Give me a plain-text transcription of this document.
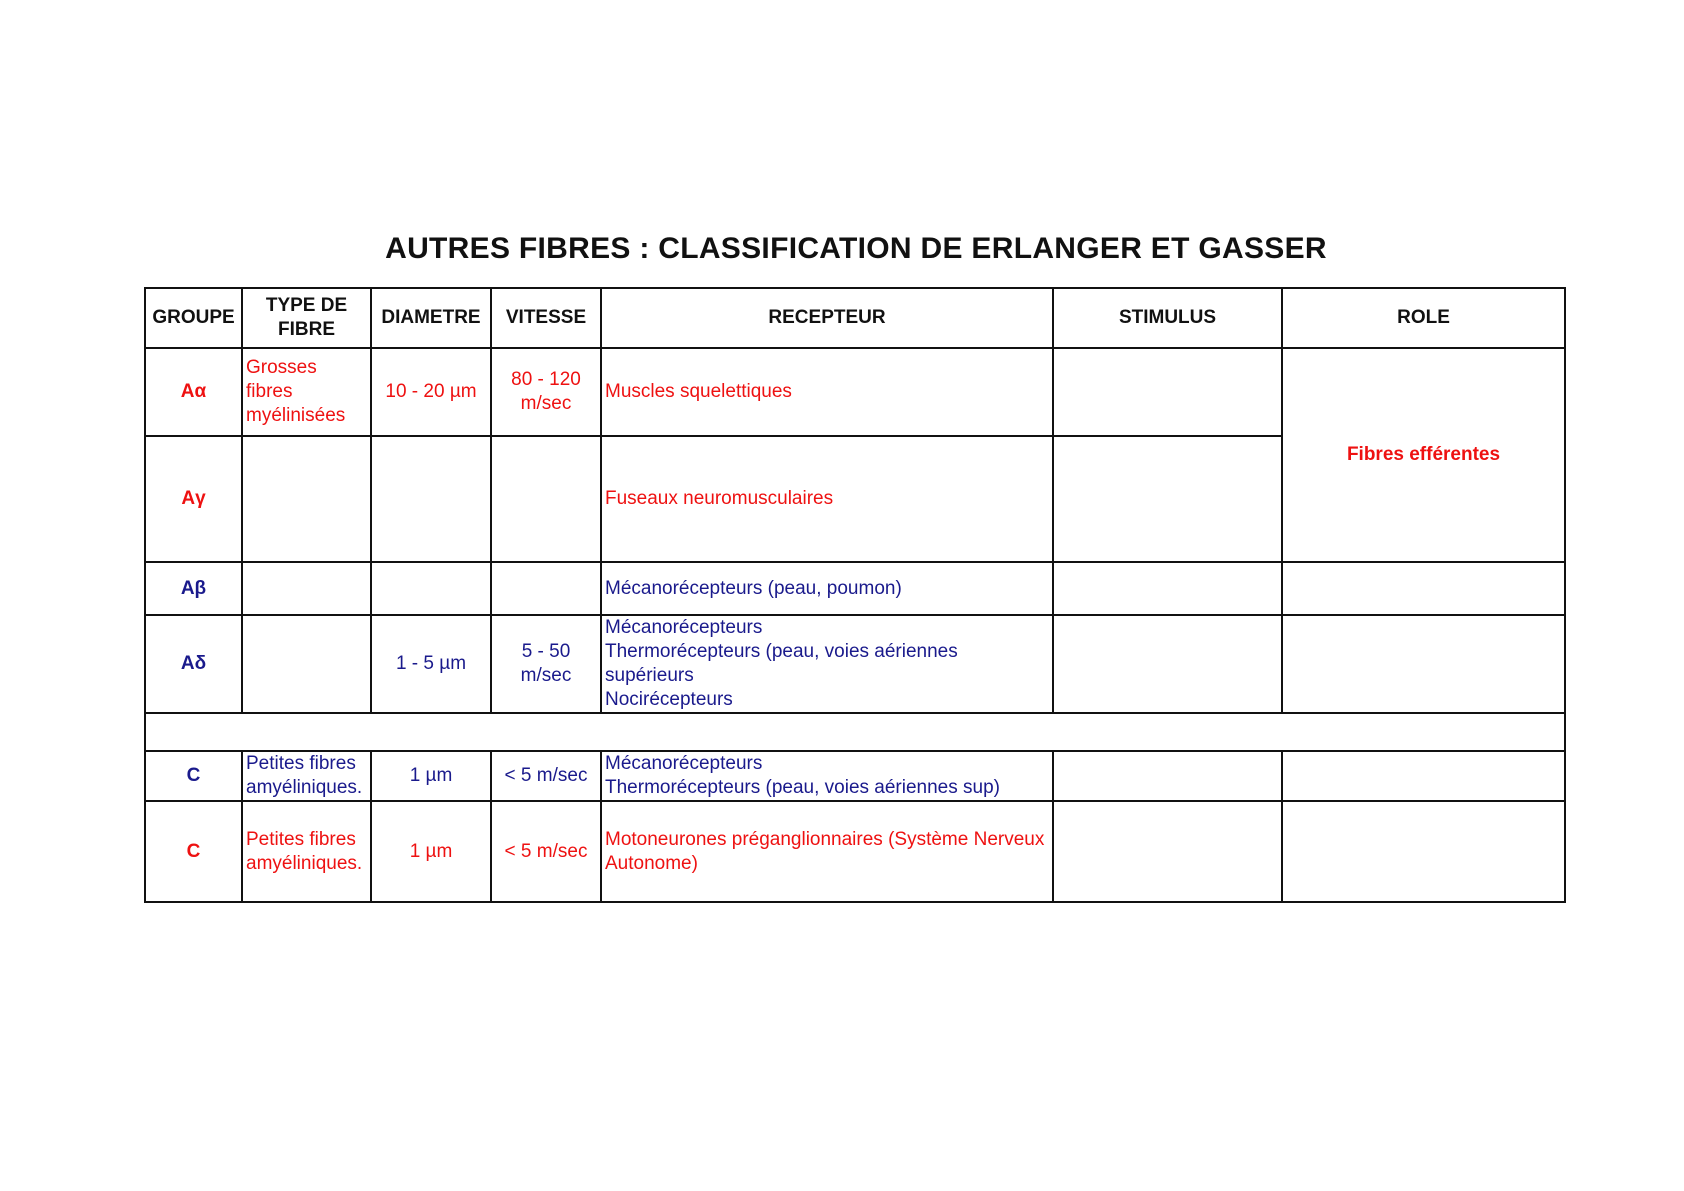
AUTRES FIBRES : CLASSIFICATION DE ERLANGER ET GASSER
GROUPE	TYPE DE
FIBRE	DIAMETRE	VITESSE	RECEPTEUR	STIMULUS	ROLE
Aα	Grosses
fibres
myélinisées	10 - 20 µm	80 - 120
m/sec	Muscles squelettiques		Fibres efférentes
Aγ				Fuseaux neuromusculaires		
Aβ				Mécanorécepteurs (peau, poumon)		
Aδ		1 - 5 µm	5 - 50
m/sec	Mécanorécepteurs
Thermorécepteurs (peau, voies aériennes
supérieurs
Nocirécepteurs		

C	Petites fibres
amyéliniques.	1 µm	< 5 m/sec	Mécanorécepteurs
Thermorécepteurs (peau, voies aériennes sup)		
C	Petites fibres
amyéliniques.	1 µm	< 5 m/sec	Motoneurones préganglionnaires (Système Nerveux
Autonome)		
